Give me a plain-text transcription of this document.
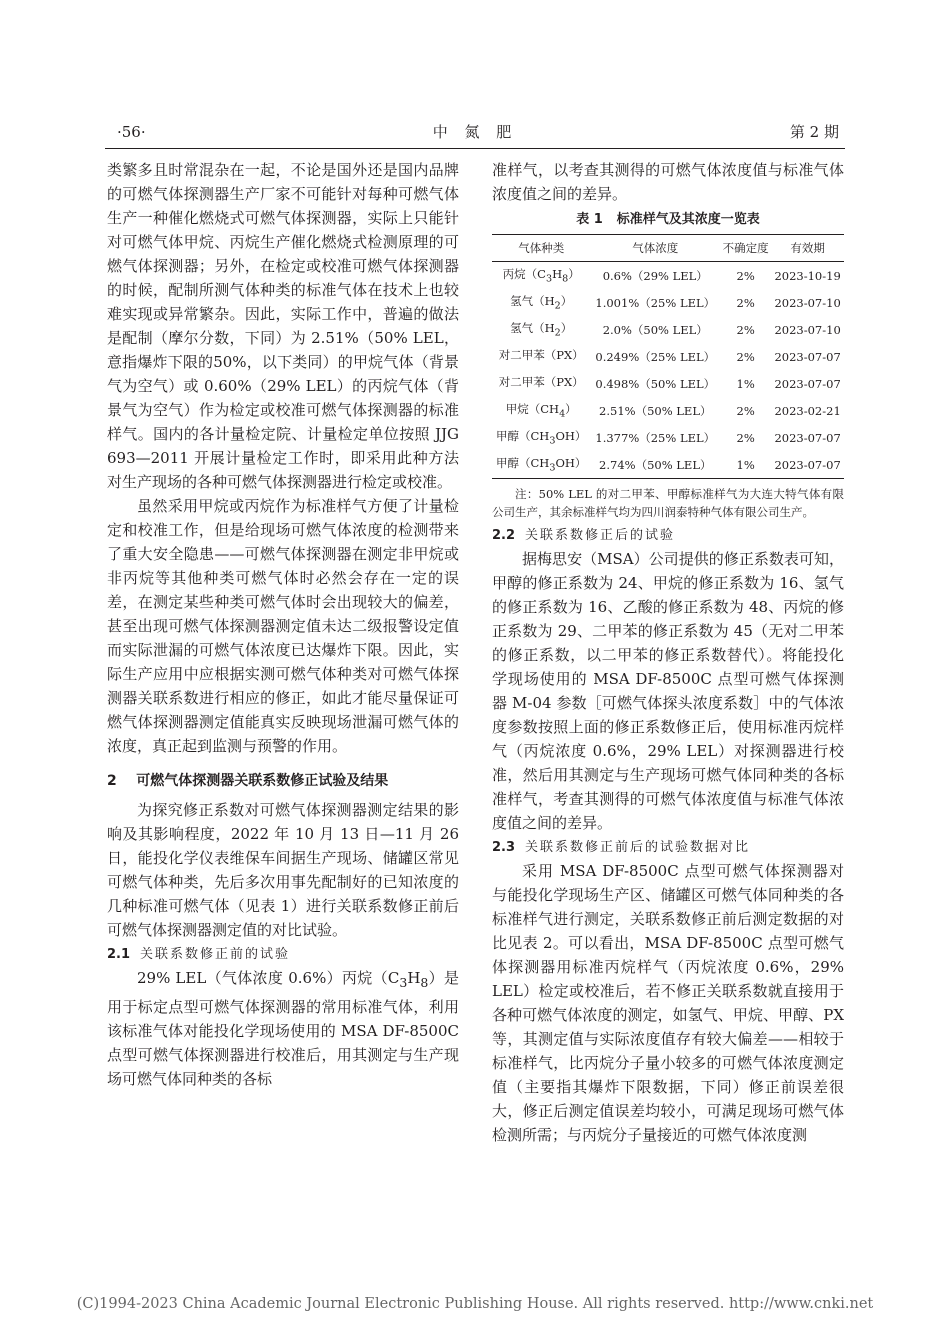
·56·	中 氮 肥	第 2 期

类繁多且时常混杂在一起，不论是国外还是国内品牌的可燃气体探测器生产厂家不可能针对每种可燃气体生产一种催化燃烧式可燃气体探测器，实际上只能针对可燃气体甲烷、丙烷生产催化燃烧式检测原理的可燃气体探测器；另外，在检定或校准可燃气体探测器的时候，配制所测气体种类的标准气体在技术上也较难实现或异常繁杂。因此，实际工作中，普遍的做法是配制（摩尔分数，下同）为 2.51%（50% LEL，意指爆炸下限的50%，以下类同）的甲烷气体（背景气为空气）或 0.60%（29% LEL）的丙烷气体（背景气为空气）作为检定或校准可燃气体探测器的标准样气。国内的各计量检定院、计量检定单位按照 JJG 693—2011 开展计量检定工作时，即采用此种方法对生产现场的各种可燃气体探测器进行检定或校准。

虽然采用甲烷或丙烷作为标准样气方便了计量检定和校准工作，但是给现场可燃气体浓度的检测带来了重大安全隐患——可燃气体探测器在测定非甲烷或非丙烷等其他种类可燃气体时必然会存在一定的误差，在测定某些种类可燃气体时会出现较大的偏差，甚至出现可燃气体探测器测定值未达二级报警设定值而实际泄漏的可燃气体浓度已达爆炸下限。因此，实际生产应用中应根据实测可燃气体种类对可燃气体探测器关联系数进行相应的修正，如此才能尽量保证可燃气体探测器测定值能真实反映现场泄漏可燃气体的浓度，真正起到监测与预警的作用。

2 可燃气体探测器关联系数修正试验及结果

为探究修正系数对可燃气体探测器测定结果的影响及其影响程度，2022 年 10 月 13 日—11 月 26 日，能投化学仪表维保车间据生产现场、储罐区常见可燃气体种类，先后多次用事先配制好的已知浓度的几种标准可燃气体（见表 1）进行关联系数修正前后可燃气体探测器测定值的对比试验。

2.1 关联系数修正前的试验

29% LEL（气体浓度 0.6%）丙烷$(C_3H_8)$是用于标定点型可燃气体探测器的常用标准气体，利用该标准气体对能投化学现场使用的 MSA DF-8500C 点型可燃气体探测器进行校准后，用其测定与生产现场可燃气体同种类的各标

准样气，以考查其测得的可燃气体浓度值与标准气体浓度值之间的差异。

表 1 标准样气及其浓度一览表
气体种类	气体浓度	不确定度	有效期
丙烷$(C_3H_8)$	0.6%（29% LEL）	2%	2023-10-19
氢气$(H_2)$	1.001%（25% LEL）	2%	2023-07-10
氢气$(H_2)$	2.0%（50% LEL）	2%	2023-07-10
对二甲苯（PX）	0.249%（25% LEL）	2%	2023-07-07
对二甲苯（PX）	0.498%（50% LEL）	1%	2023-07-07
甲烷$(CH_4)$	2.51%（50% LEL）	2%	2023-02-21
甲醇$(CH_3OH)$	1.377%（25% LEL）	2%	2023-07-07
甲醇$(CH_3OH)$	2.74%（50% LEL）	1%	2023-07-07

注：50% LEL 的对二甲苯、甲醇标准样气为大连大特气体有限公司生产，其余标准样气均为四川润泰特种气体有限公司生产。

2.2 关联系数修正后的试验

据梅思安（MSA）公司提供的修正系数表可知，甲醇的修正系数为 24、甲烷的修正系数为 16、氢气的修正系数为 16、乙酸的修正系数为 48、丙烷的修正系数为 29、二甲苯的修正系数为 45（无对二甲苯的修正系数，以二甲苯的修正系数替代）。将能投化学现场使用的 MSA DF-8500C 点型可燃气体探测器 M-04 参数［可燃气体探头浓度系数］中的气体浓度参数按照上面的修正系数修正后，使用标准丙烷样气（丙烷浓度 0.6%，29% LEL）对探测器进行校准，然后用其测定与生产现场可燃气体同种类的各标准样气，考查其测得的可燃气体浓度值与标准气体浓度值之间的差异。

2.3 关联系数修正前后的试验数据对比

采用 MSA DF-8500C 点型可燃气体探测器对与能投化学现场生产区、储罐区可燃气体同种类的各标准样气进行测定，关联系数修正前后测定数据的对比见表 2。可以看出，MSA DF-8500C 点型可燃气体探测器用标准丙烷样气（丙烷浓度 0.6%，29% LEL）检定或校准后，若不修正关联系数就直接用于各种可燃气体浓度的测定，如氢气、甲烷、甲醇、PX 等，其测定值与实际浓度值存有较大偏差——相较于标准样气，比丙烷分子量小较多的可燃气体浓度测定值（主要指其爆炸下限数据，下同）修正前误差很大，修正后测定值误差均较小，可满足现场可燃气体检测所需；与丙烷分子量接近的可燃气体浓度测

(C)1994-2023 China Academic Journal Electronic Publishing House. All rights reserved. http://www.cnki.net
